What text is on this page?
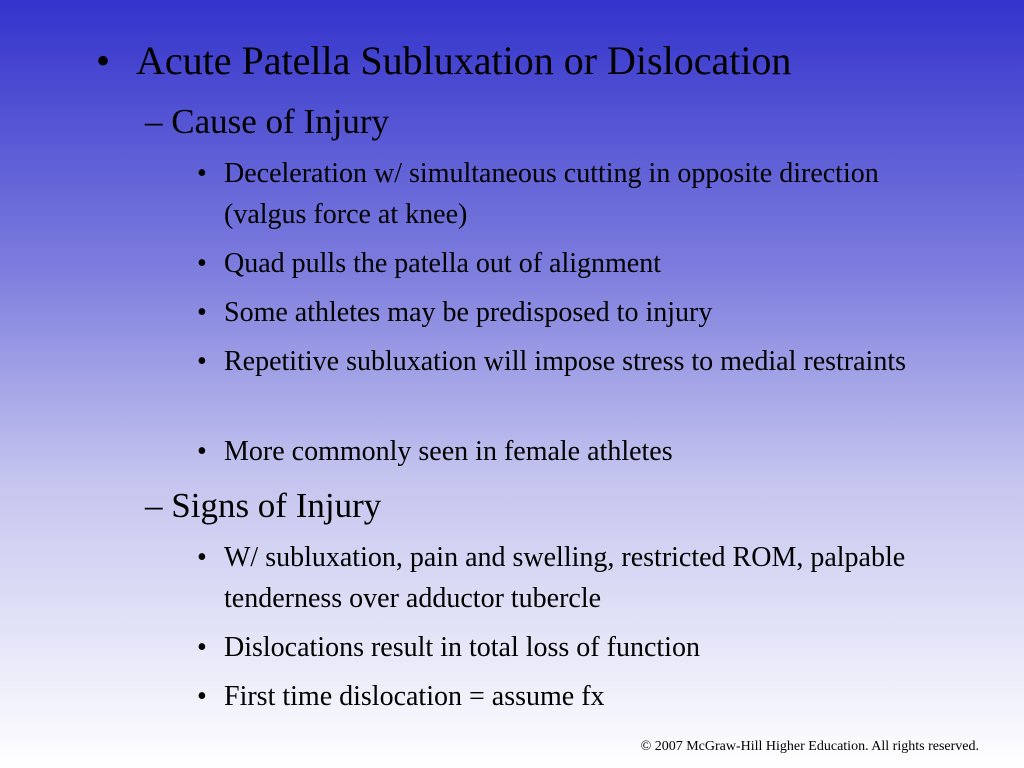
• Acute Patella Subluxation or Dislocation
– Cause of Injury
• Deceleration w/ simultaneous cutting in opposite direction (valgus force at knee)
• Quad pulls the patella out of alignment
• Some athletes may be predisposed to injury
• Repetitive subluxation will impose stress to medial restraints
• More commonly seen in female athletes
– Signs of Injury
• W/ subluxation, pain and swelling, restricted ROM, palpable tenderness over adductor tubercle
• Dislocations result in total loss of function
• First time dislocation = assume fx
© 2007 McGraw-Hill Higher Education. All rights reserved.
